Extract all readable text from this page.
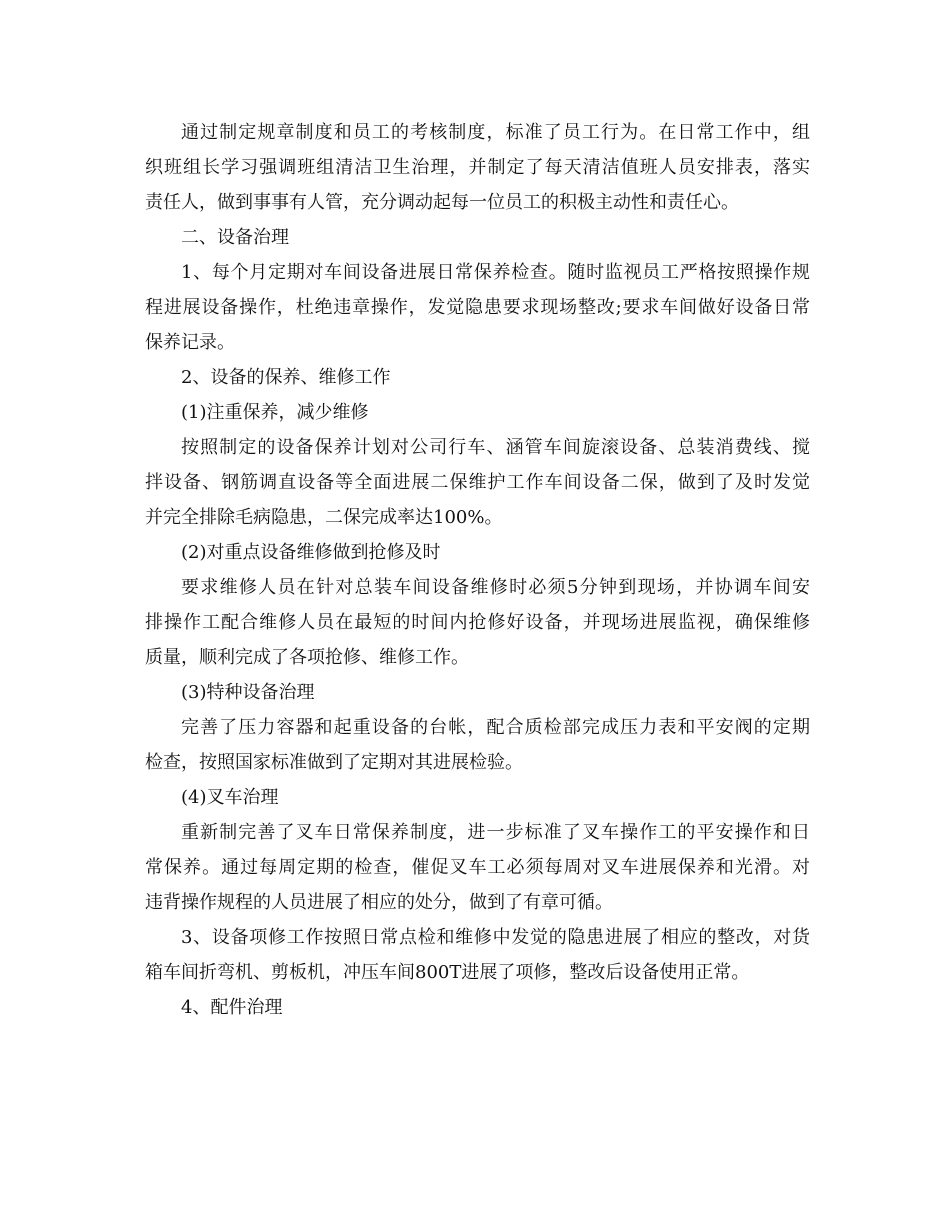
通过制定规章制度和员工的考核制度，标准了员工行为。在日常工作中，组
织班组长学习强调班组清洁卫生治理，并制定了每天清洁值班人员安排表，落实
责任人，做到事事有人管，充分调动起每一位员工的积极主动性和责任心。
二、设备治理
1、每个月定期对车间设备进展日常保养检查。随时监视员工严格按照操作规
程进展设备操作，杜绝违章操作，发觉隐患要求现场整改;要求车间做好设备日常
保养记录。
2、设备的保养、维修工作
(1)注重保养，减少维修
按照制定的设备保养计划对公司行车、涵管车间旋滚设备、总装消费线、搅
拌设备、钢筋调直设备等全面进展二保维护工作车间设备二保，做到了及时发觉
并完全排除毛病隐患，二保完成率达100%。
(2)对重点设备维修做到抢修及时
要求维修人员在针对总装车间设备维修时必须5分钟到现场，并协调车间安
排操作工配合维修人员在最短的时间内抢修好设备，并现场进展监视，确保维修
质量，顺利完成了各项抢修、维修工作。
(3)特种设备治理
完善了压力容器和起重设备的台帐，配合质检部完成压力表和平安阀的定期
检查，按照国家标准做到了定期对其进展检验。
(4)叉车治理
重新制完善了叉车日常保养制度，进一步标准了叉车操作工的平安操作和日
常保养。通过每周定期的检查，催促叉车工必须每周对叉车进展保养和光滑。对
违背操作规程的人员进展了相应的处分，做到了有章可循。
3、设备项修工作按照日常点检和维修中发觉的隐患进展了相应的整改，对货
箱车间折弯机、剪板机，冲压车间800T进展了项修，整改后设备使用正常。
4、配件治理
